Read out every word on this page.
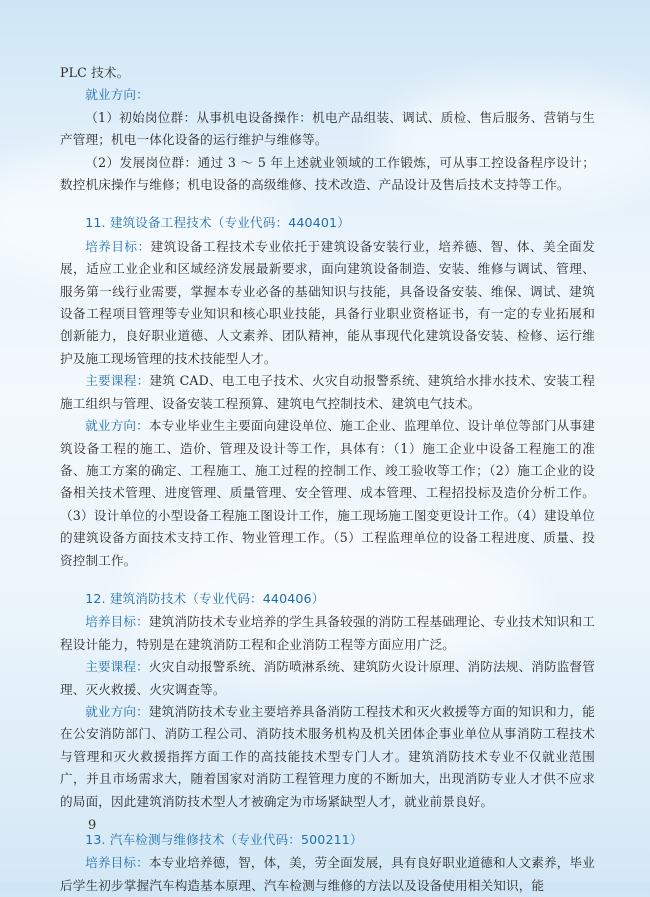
PLC 技术。

就业方向：

（1）初始岗位群：从事机电设备操作：机电产品组装、调试、质检、售后服务、营销与生产管理；机电一体化设备的运行维护与维修等。

（2）发展岗位群：通过 3 ～ 5 年上述就业领域的工作锻炼，可从事工控设备程序设计；数控机床操作与维修；机电设备的高级维修、技术改造、产品设计及售后技术支持等工作。

11. 建筑设备工程技术（专业代码：440401）

培养目标：建筑设备工程技术专业依托于建筑设备安装行业，培养德、智、体、美全面发展，适应工业企业和区域经济发展最新要求，面向建筑设备制造、安装、维修与调试、管理、服务第一线行业需要，掌握本专业必备的基础知识与技能，具备设备安装、维保、调试、建筑设备工程项目管理等专业知识和核心职业技能，具备行业职业资格证书，有一定的专业拓展和创新能力，良好职业道德、人文素养、团队精神，能从事现代化建筑设备安装、检修、运行维护及施工现场管理的技术技能型人才。

主要课程：建筑 CAD、电工电子技术、火灾自动报警系统、建筑给水排水技术、安装工程施工组织与管理、设备安装工程预算、建筑电气控制技术、建筑电气技术。

就业方向：本专业毕业生主要面向建设单位、施工企业、监理单位、设计单位等部门从事建筑设备工程的施工、造价、管理及设计等工作，具体有：（1）施工企业中设备工程施工的准备、施工方案的确定、工程施工、施工过程的控制工作、竣工验收等工作；（2）施工企业的设备相关技术管理、进度管理、质量管理、安全管理、成本管理、工程招投标及造价分析工作。（3）设计单位的小型设备工程施工图设计工作，施工现场施工图变更设计工作。（4）建设单位的建筑设备方面技术支持工作、物业管理工作。（5）工程监理单位的设备工程进度、质量、投资控制工作。

12. 建筑消防技术（专业代码：440406）

培养目标：建筑消防技术专业培养的学生具备较强的消防工程基础理论、专业技术知识和工程设计能力，特别是在建筑消防工程和企业消防工程等方面应用广泛。

主要课程：火灾自动报警系统、消防喷淋系统、建筑防火设计原理、消防法规、消防监督管理、灭火救援、火灾调查等。

就业方向：建筑消防技术专业主要培养具备消防工程技术和灭火救援等方面的知识和力，能在公安消防部门、消防工程公司、消防技术服务机构及机关团体企事业单位从事消防工程技术与管理和灭火救援指挥方面工作的高技能技术型专门人才。建筑消防技术专业不仅就业范围广，并且市场需求大，随着国家对消防工程管理力度的不断加大，出现消防专业人才供不应求的局面，因此建筑消防技术型人才被确定为市场紧缺型人才，就业前景良好。

13. 汽车检测与维修技术（专业代码：500211）

培养目标：本专业培养德，智，体，美，劳全面发展，具有良好职业道德和人文素养，毕业后学生初步掌握汽车构造基本原理、汽车检测与维修的方法以及设备使用相关知识，能

9
